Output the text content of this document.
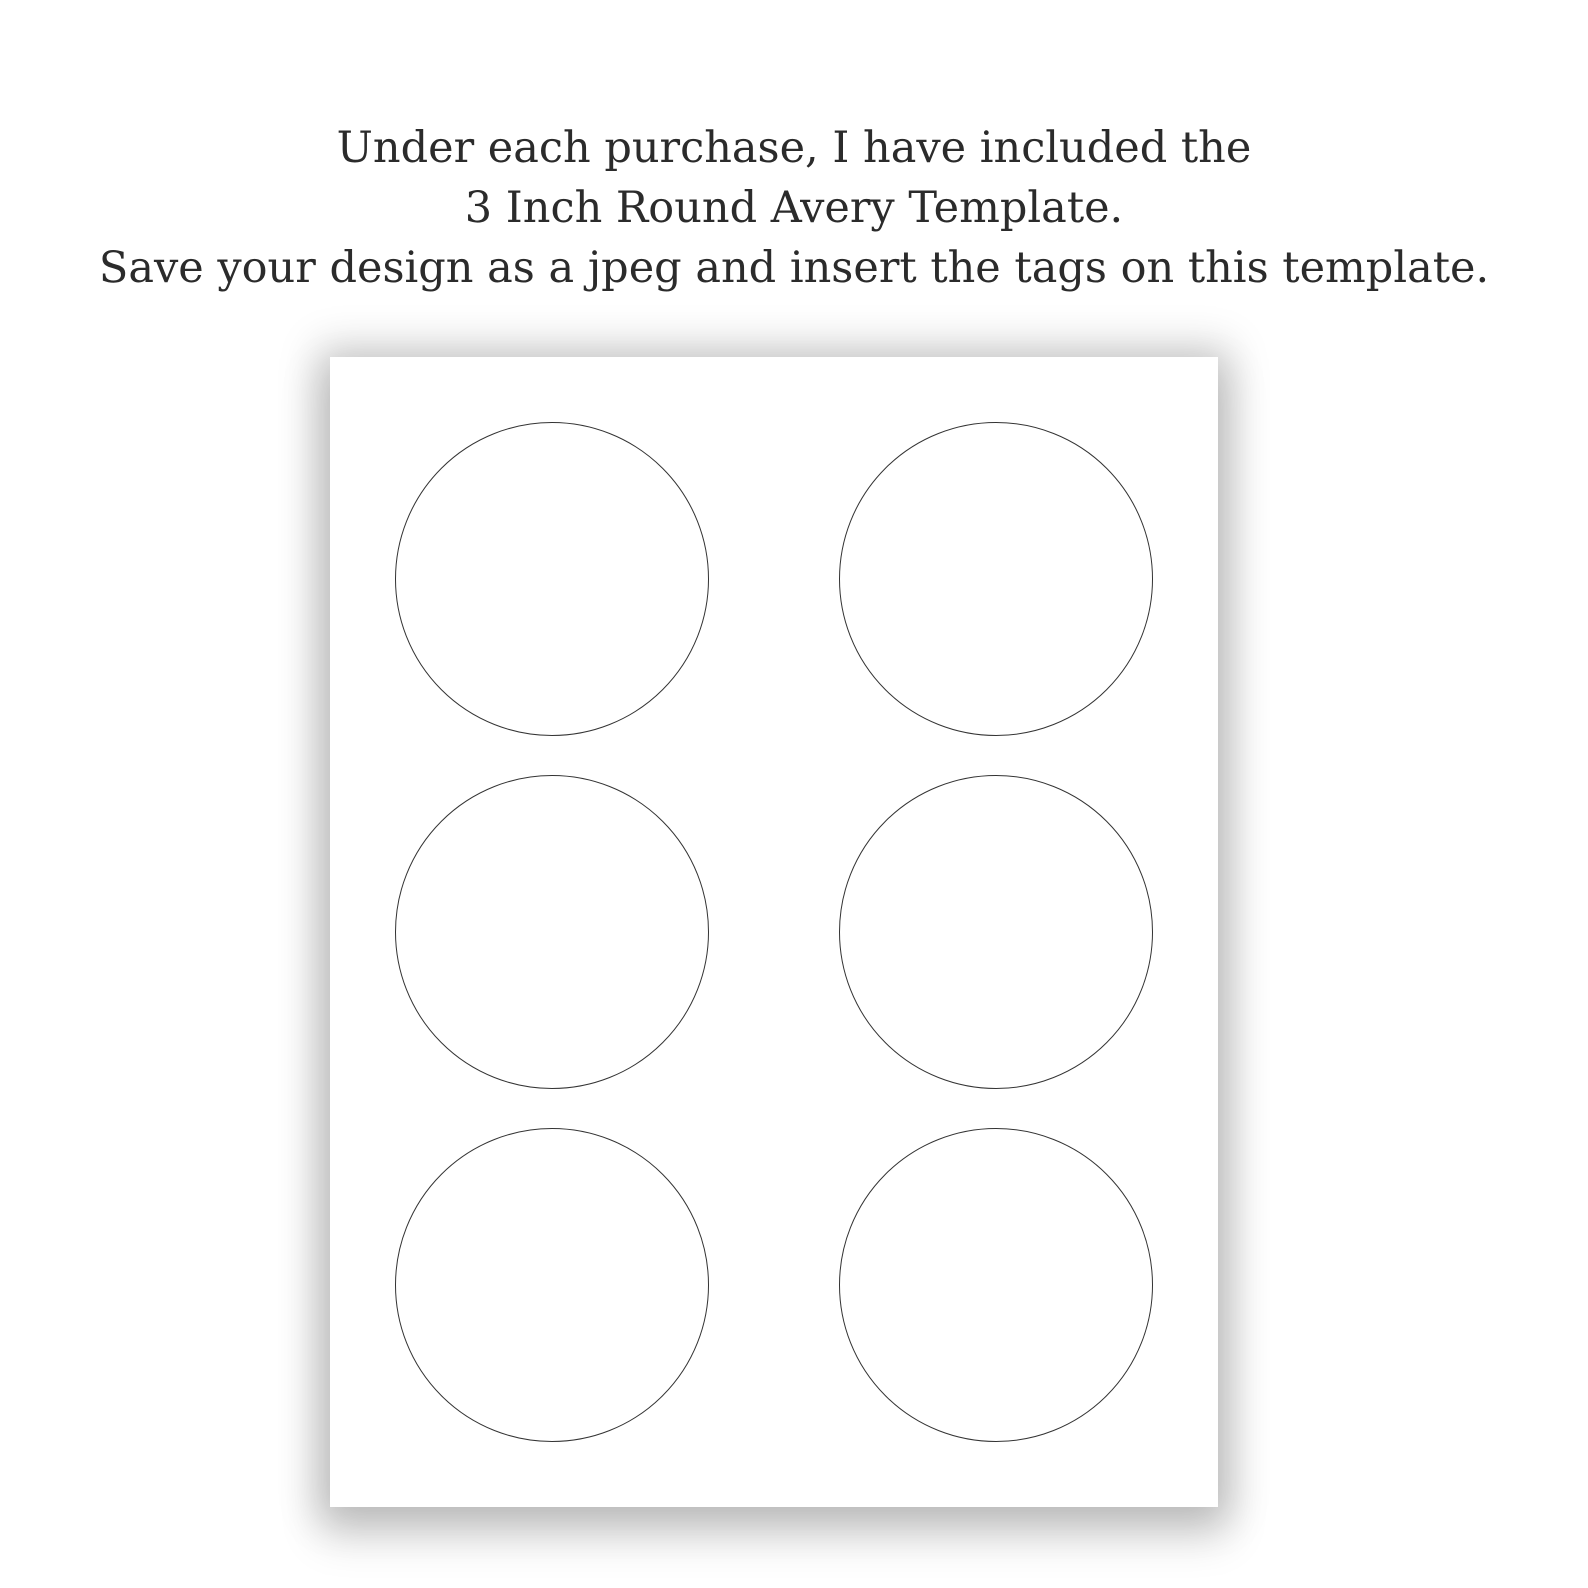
Under each purchase, I have included the
3 Inch Round Avery Template.
Save your design as a jpeg and insert the tags on this template.
